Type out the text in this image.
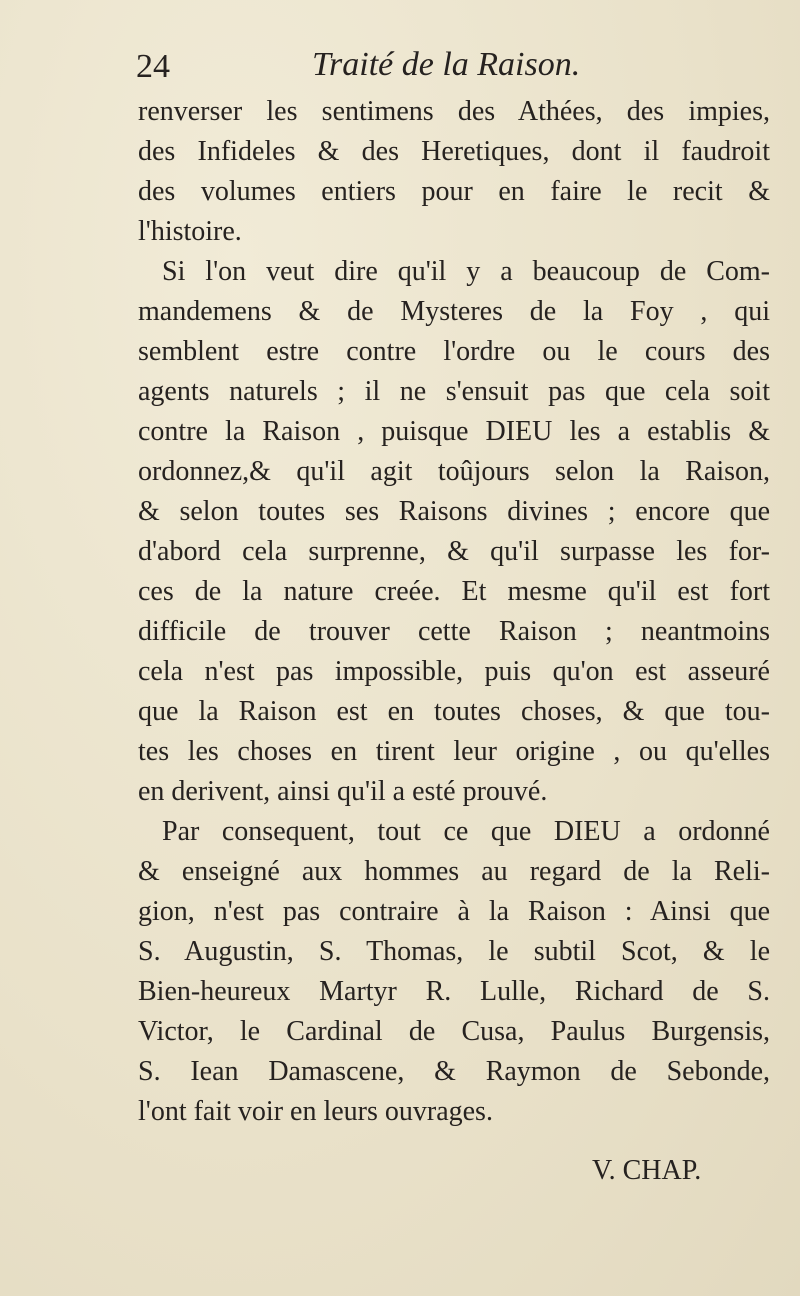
24	Traité de la Raison.
renverser les sentimens des Athées, des impies,
des Infideles & des Heretiques, dont il faudroit
des volumes entiers pour en faire le recit &
l'histoire.
Si l'on veut dire qu'il y a beaucoup de Com-
mandemens & de Mysteres de la Foy , qui
semblent estre contre l'ordre ou le cours des
agents naturels ; il ne s'ensuit pas que cela soit
contre la Raison , puisque DIEU les a establis &
ordonnez,& qu'il agit toûjours selon la Raison,
& selon toutes ses Raisons divines ; encore que
d'abord cela surprenne, & qu'il surpasse les for-
ces de la nature creée. Et mesme qu'il est fort
difficile de trouver cette Raison ; neantmoins
cela n'est pas impossible, puis qu'on est asseuré
que la Raison est en toutes choses, & que tou-
tes les choses en tirent leur origine , ou qu'elles
en derivent, ainsi qu'il a esté prouvé.
Par consequent, tout ce que DIEU a ordonné
& enseigné aux hommes au regard de la Reli-
gion, n'est pas contraire à la Raison : Ainsi que
S. Augustin, S. Thomas, le subtil Scot, & le
Bien-heureux Martyr R. Lulle, Richard de S.
Victor, le Cardinal de Cusa, Paulus Burgensis,
S. Iean Damascene, & Raymon de Sebonde,
l'ont fait voir en leurs ouvrages.
V. CHAP.
